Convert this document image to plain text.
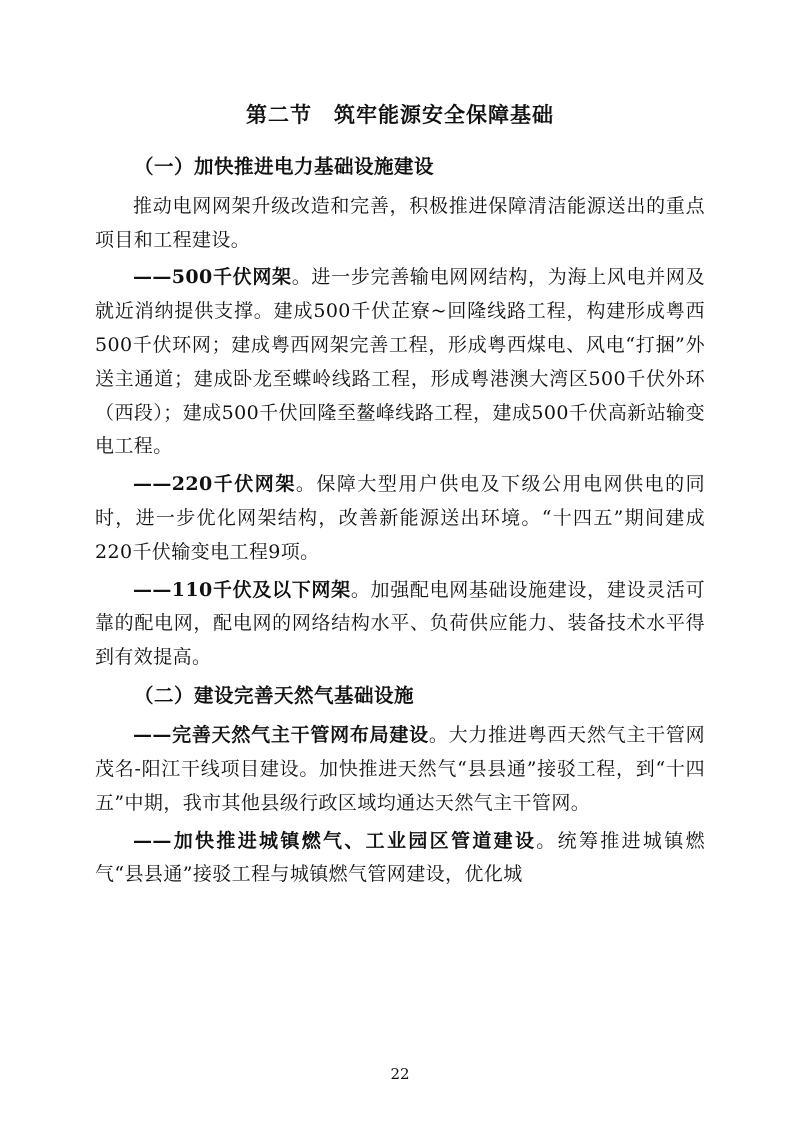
第二节　筑牢能源安全保障基础
（一）加快推进电力基础设施建设

推动电网网架升级改造和完善，积极推进保障清洁能源送出的重点项目和工程建设。

——500千伏网架。进一步完善输电网网结构，为海上风电并网及就近消纳提供支撑。建成500千伏芷寮~回隆线路工程，构建形成粤西500千伏环网；建成粤西网架完善工程，形成粤西煤电、风电“打捆”外送主通道；建成卧龙至蝶岭线路工程，形成粤港澳大湾区500千伏外环（西段）；建成500千伏回隆至鳌峰线路工程，建成500千伏高新站输变电工程。

——220千伏网架。保障大型用户供电及下级公用电网供电的同时，进一步优化网架结构，改善新能源送出环境。“十四五”期间建成220千伏输变电工程9项。

——110千伏及以下网架。加强配电网基础设施建设，建设灵活可靠的配电网，配电网的网络结构水平、负荷供应能力、装备技术水平得到有效提高。

（二）建设完善天然气基础设施

——完善天然气主干管网布局建设。大力推进粤西天然气主干管网茂名-阳江干线项目建设。加快推进天然气“县县通”接驳工程，到“十四五”中期，我市其他县级行政区域均通达天然气主干管网。

——加快推进城镇燃气、工业园区管道建设。统筹推进城镇燃气“县县通”接驳工程与城镇燃气管网建设，优化城

22
